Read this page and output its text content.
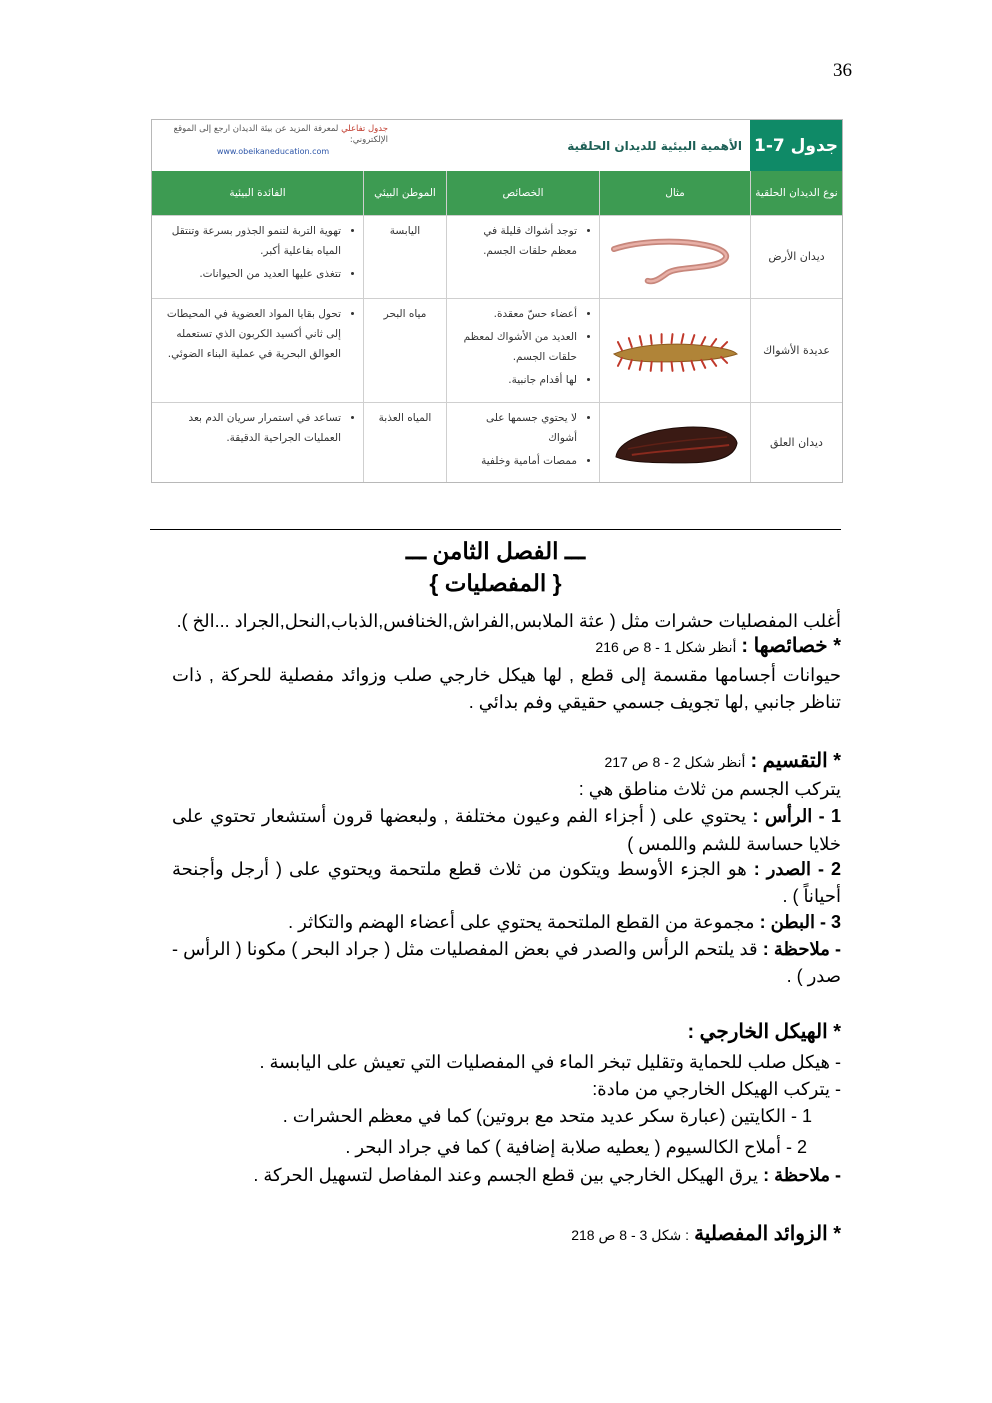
36
جدول 7-1
الأهمية البيئية للديدان الحلقية
جدول تفاعلي لمعرفة المزيد عن بيئة الديدان ارجع إلى الموقع الإلكتروني:
www.obeikaneducation.com
نوع الديدان الحلقية
مثال
الخصائص
الموطن البيئي
الفائدة البيئية
ديدان الأرض
• توجد أشواك قليلة في معظم حلقات الجسم.
اليابسة
• تهوية التربة لتنمو الجذور بسرعة وتنتقل المياه بفاعلية أكبر.
• تتغذى عليها العديد من الحيوانات.
عديدة الأشواك
• أعضاء حسّ معقدة.
• العديد من الأشواك لمعظم حلقات الجسم.
• لها أقدام جانبية.
مياه البحر
• تحول بقايا المواد العضوية في المحيطات إلى ثاني أكسيد الكربون الذي تستعمله العوالق البحرية في عملية البناء الضوئي.
ديدان العلق
• لا يحتوي جسمها على أشواك
• ممصات أمامية وخلفية
المياه العذبة
• تساعد في استمرار سريان الدم بعد العمليات الجراحية الدقيقة.
ـــ الفصل الثامن ـــ
{ المفصليات }
أغلب المفصليات حشرات مثل ( عثة الملابس,الفراش,الخنافس,الذباب,النحل,الجراد ...الخ ).
* خصائصها : أنظر شكل 1 - 8 ص 216
حيوانات أجسامها مقسمة إلى قطع , لها هيكل خارجي صلب وزوائد مفصلية للحركة , ذات
تناظر جانبي ,لها تجويف جسمي حقيقي وفم بدائي .
* التقسيم : أنظر شكل 2 - 8 ص 217
يتركب الجسم من ثلاث مناطق هي :
1 - الرأس : يحتوي على ( أجزاء الفم وعيون مختلفة , ولبعضها قرون أستشعار تحتوي على
خلايا حساسة للشم واللمس )
2 - الصدر : هو الجزء الأوسط ويتكون من ثلاث قطع ملتحمة ويحتوي على ( أرجل وأجنحة
أحياناً ) .
3 - البطن : مجموعة من القطع الملتحمة يحتوي على أعضاء الهضم والتكاثر .
- ملاحظة : قد يلتحم الرأس والصدر في بعض المفصليات مثل ( جراد البحر ) مكونا ( الرأس -
صدر ) .
* الهيكل الخارجي :
- هيكل صلب للحماية وتقليل تبخر الماء في المفصليات التي تعيش على اليابسة .
- يتركب الهيكل الخارجي من مادة:
1 - الكايتين (عبارة سكر عديد متحد مع بروتين) كما في معظم الحشرات .
2 - أملاح الكالسيوم ( يعطيه صلابة إضافية ) كما في جراد البحر .
- ملاحظة : يرق الهيكل الخارجي بين قطع الجسم وعند المفاصل لتسهيل الحركة .
* الزوائد المفصلية : شكل 3 - 8 ص 218
